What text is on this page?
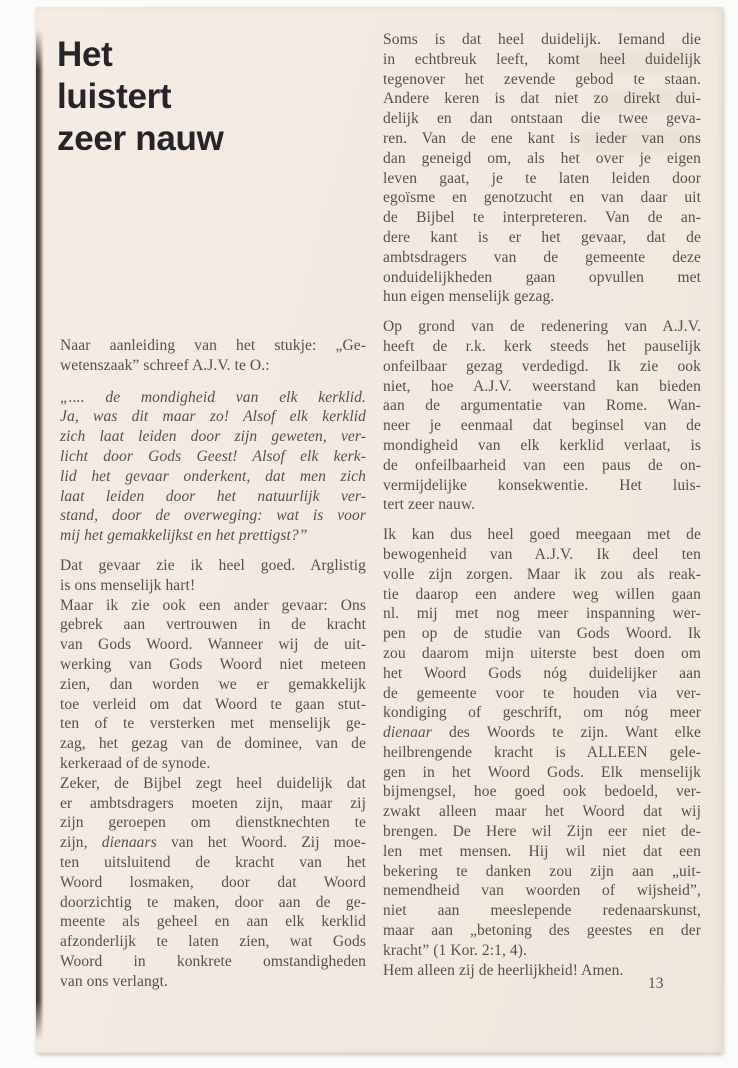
Het
luistert
zeer nauw
Naar aanleiding van het stukje: „Ge-
wetenszaak” schreef A.J.V. te O.:
„.... de mondigheid van elk kerklid.
Ja, was dit maar zo! Alsof elk kerklid
zich laat leiden door zijn geweten, ver-
licht door Gods Geest! Alsof elk kerk-
lid het gevaar onderkent, dat men zich
laat leiden door het natuurlijk ver-
stand, door de overweging: wat is voor
mij het gemakkelijkst en het prettigst?”
Dat gevaar zie ik heel goed. Arglistig
is ons menselijk hart!
Maar ik zie ook een ander gevaar: Ons
gebrek aan vertrouwen in de kracht
van Gods Woord. Wanneer wij de uit-
werking van Gods Woord niet meteen
zien, dan worden we er gemakkelijk
toe verleid om dat Woord te gaan stut-
ten of te versterken met menselijk ge-
zag, het gezag van de dominee, van de
kerkeraad of de synode.
Zeker, de Bijbel zegt heel duidelijk dat
er ambtsdragers moeten zijn, maar zij
zijn geroepen om dienstknechten te
zijn, dienaars van het Woord. Zij moe-
ten uitsluitend de kracht van het
Woord losmaken, door dat Woord
doorzichtig te maken, door aan de ge-
meente als geheel en aan elk kerklid
afzonderlijk te laten zien, wat Gods
Woord in konkrete omstandigheden
van ons verlangt.
Soms is dat heel duidelijk. Iemand die
in echtbreuk leeft, komt heel duidelijk
tegenover het zevende gebod te staan.
Andere keren is dat niet zo direkt dui-
delijk en dan ontstaan die twee geva-
ren. Van de ene kant is ieder van ons
dan geneigd om, als het over je eigen
leven gaat, je te laten leiden door
egoïsme en genotzucht en van daar uit
de Bijbel te interpreteren. Van de an-
dere kant is er het gevaar, dat de
ambtsdragers van de gemeente deze
onduidelijkheden gaan opvullen met
hun eigen menselijk gezag.
Op grond van de redenering van A.J.V.
heeft de r.k. kerk steeds het pauselijk
onfeilbaar gezag verdedigd. Ik zie ook
niet, hoe A.J.V. weerstand kan bieden
aan de argumentatie van Rome. Wan-
neer je eenmaal dat beginsel van de
mondigheid van elk kerklid verlaat, is
de onfeilbaarheid van een paus de on-
vermijdelijke konsekwentie. Het luis-
tert zeer nauw.
Ik kan dus heel goed meegaan met de
bewogenheid van A.J.V. Ik deel ten
volle zijn zorgen. Maar ik zou als reak-
tie daarop een andere weg willen gaan
nl. mij met nog meer inspanning wer-
pen op de studie van Gods Woord. Ik
zou daarom mijn uiterste best doen om
het Woord Gods nóg duidelijker aan
de gemeente voor te houden via ver-
kondiging of geschrift, om nóg meer
dienaar des Woords te zijn. Want elke
heilbrengende kracht is ALLEEN gele-
gen in het Woord Gods. Elk menselijk
bijmengsel, hoe goed ook bedoeld, ver-
zwakt alleen maar het Woord dat wij
brengen. De Here wil Zijn eer niet de-
len met mensen. Hij wil niet dat een
bekering te danken zou zijn aan „uit-
nemendheid van woorden of wijsheid”,
niet aan meeslepende redenaarskunst,
maar aan „betoning des geestes en der
kracht” (1 Kor. 2:1, 4).
Hem alleen zij de heerlijkheid! Amen.
13
